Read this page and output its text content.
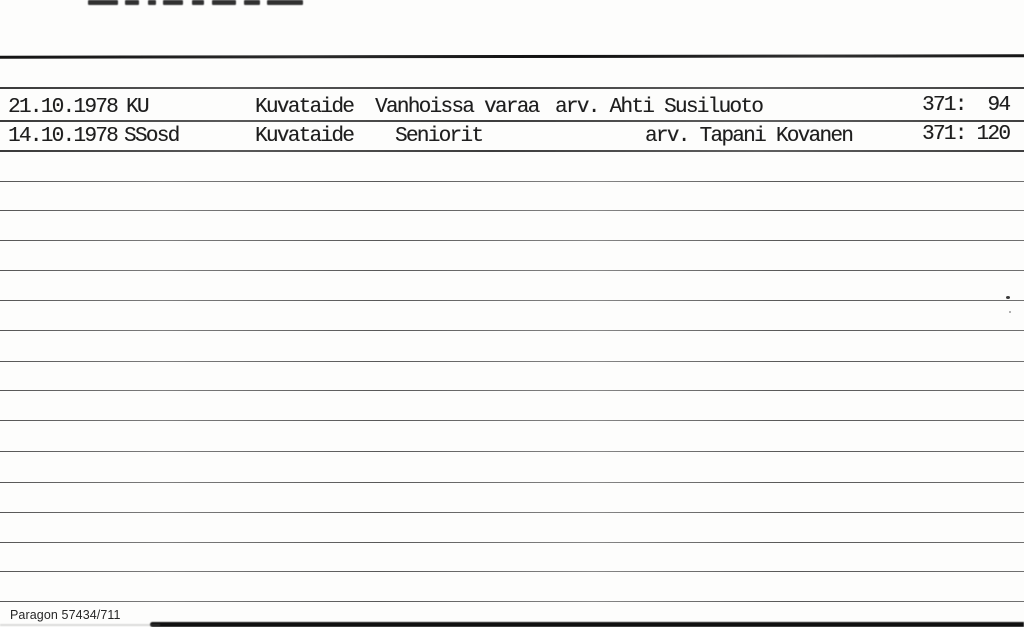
21.10.1978 KU	Kuvataide Vanhoissa varaa arv. Ahti Susiluoto	371:  94
14.10.1978 SSosd	Kuvataide Seniorit	arv. Tapani Kovanen	371: 120
Paragon 57434/711
